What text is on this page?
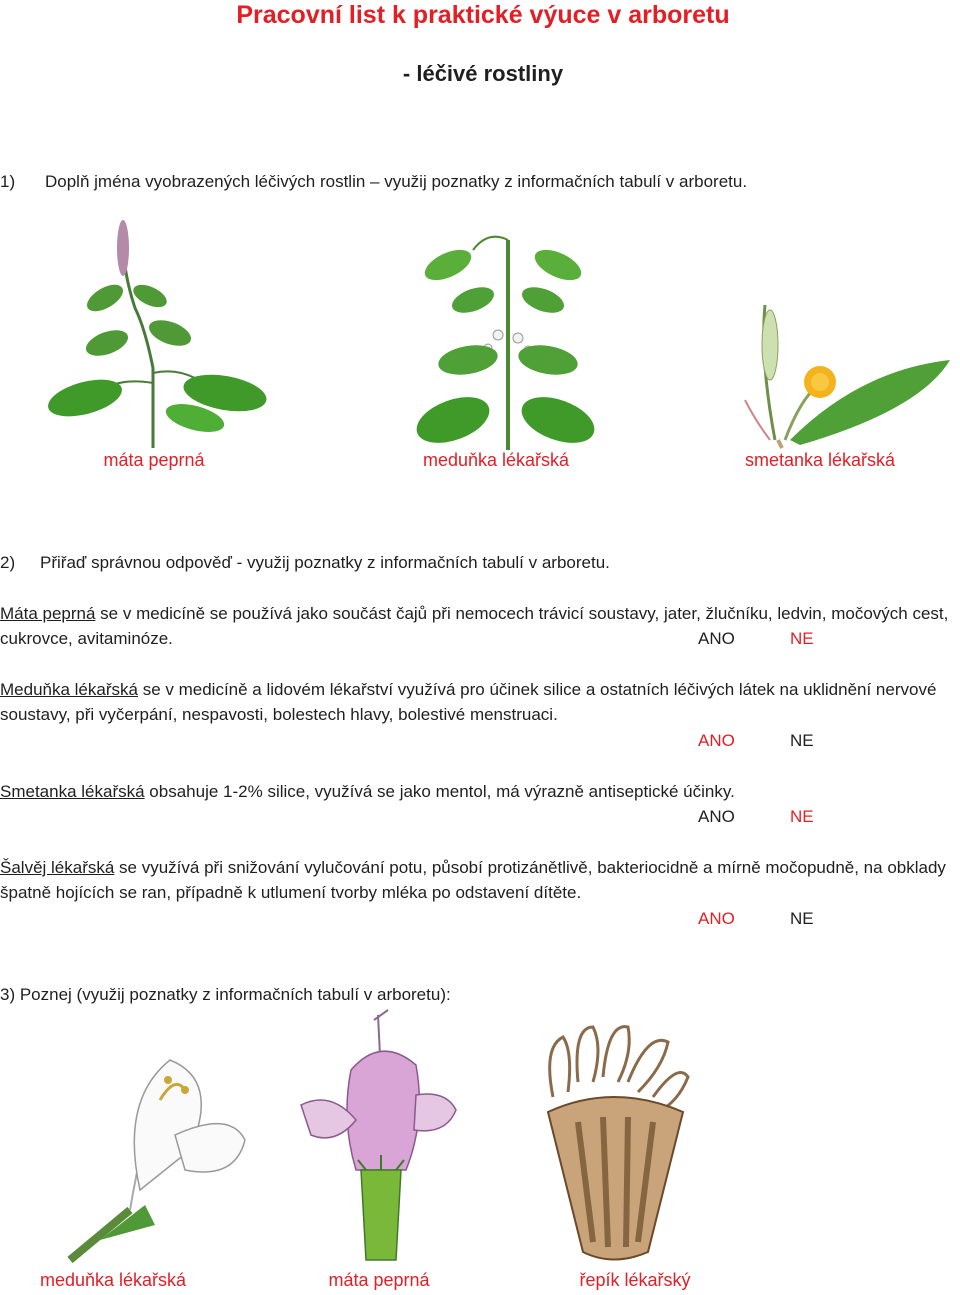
Pracovní list k praktické výuce v arboretu
- léčivé rostliny
1) Doplň jména vyobrazených léčivých rostlin – využij poznatky z informačních tabulí v arboretu.
máta peprná	meduňka lékařská	smetanka lékařská
2) Přiřaď správnou odpověď - využij poznatky z informačních tabulí v arboretu.
Máta peprná se v medicíně se používá jako součást čajů při nemocech trávicí soustavy, jater, žlučníku, ledvin, močových cest, cukrovce, avitaminóze.	ANO	NE
Meduňka lékařská se v medicíně a lidovém lékařství využívá pro účinek silice a ostatních léčivých látek na uklidnění nervové soustavy, při vyčerpání, nespavosti, bolestech hlavy, bolestivé menstruaci.
ANO	NE
Smetanka lékařská obsahuje 1-2% silice, využívá se jako mentol, má výrazně antiseptické účinky.
ANO	NE
Šalvěj lékařská se využívá při snižování vylučování potu, působí protizánětlivě, bakteriocidně a mírně močopudně, na obklady špatně hojících se ran, případně k utlumení tvorby mléka po odstavení dítěte.
ANO	NE
3) Poznej (využij poznatky z informačních tabulí v arboretu):
meduňka lékařská	máta peprná	řepík lékařský
